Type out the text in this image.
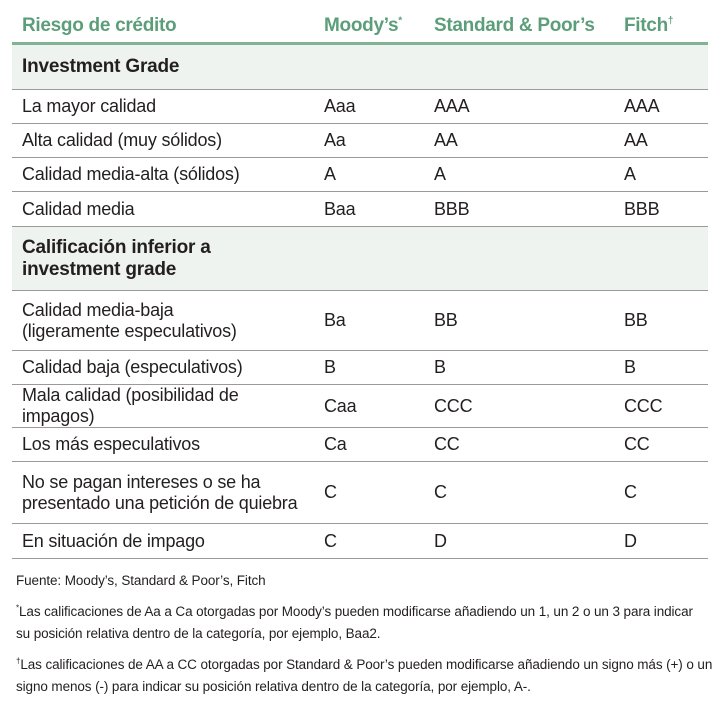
Riesgo de crédito	Moody’s*	Standard & Poor’s	Fitch†
Investment Grade			
La mayor calidad	Aaa	AAA	AAA
Alta calidad (muy sólidos)	Aa	AA	AA
Calidad media-alta (sólidos)	A	A	A
Calidad media	Baa	BBB	BBB

Calificación inferior a
investment grade			

Calidad media-baja
(ligeramente especulativos)	Ba	BB	BB
Calidad baja (especulativos)	B	B	B
Mala calidad (posibilidad de impagos)	Caa	CCC	CCC
Los más especulativos	Ca	CC	CC

No se pagan intereses o se ha
presentado una petición de quiebra	C	C	C
En situación de impago	C	D	D

Fuente: Moody’s, Standard & Poor’s, Fitch

*Las calificaciones de Aa a Ca otorgadas por Moody’s pueden modificarse añadiendo un 1, un 2 o un 3 para indicar
su posición relativa dentro de la categoría, por ejemplo, Baa2.

†Las calificaciones de AA a CC otorgadas por Standard & Poor’s pueden modificarse añadiendo un signo más (+) o un
signo menos (-) para indicar su posición relativa dentro de la categoría, por ejemplo, A-.
